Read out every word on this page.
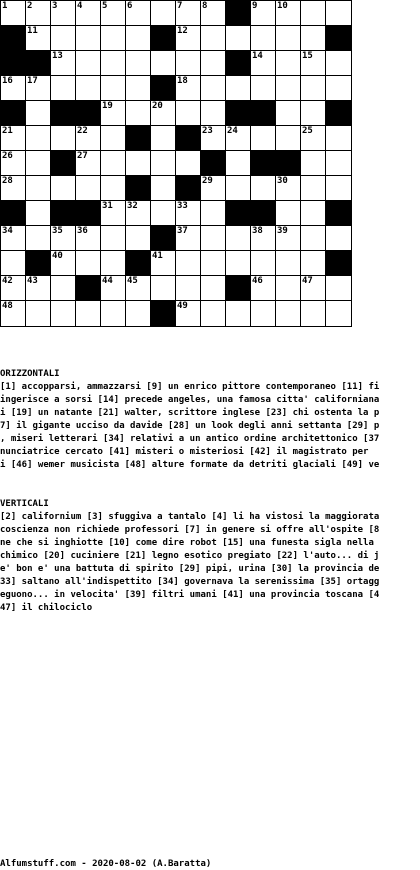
1 2 3 4 5 6	7 8	9 10
11	12
13	14	15
16 17	18
19	20
21	22	23 24	25
26	27
28	29	30
31 32	33
34	35 36	37	38 39
40	41
42 43	44 45	46	47
48	49
ORIZZONTALI
[1] accopparsi, ammazzarsi [9] un enrico pittore contemporaneo [11] fi
ingerisce a sorsi [14] precede angeles, una famosa citta' californiana
i [19] un natante [21] walter, scrittore inglese [23] chi ostenta la p
7] il gigante ucciso da davide [28] un look degli anni settanta [29] p
, miseri letterari [34] relativi a un antico ordine architettonico [37
nunciatrice cercato [41] misteri o misteriosi [42] il magistrato per
i [46] wemer musicista [48] alture formate da detriti glaciali [49] ve
VERTICALI
[2] californium [3] sfuggiva a tantalo [4] li ha vistosi la maggiorata
coscienza non richiede professori [7] in genere si offre all'ospite [8
ne che si inghiotte [10] come dire robot [15] una funesta sigla nella
chimico [20] cuciniere [21] legno esotico pregiato [22] l'auto... di j
e' bon e' una battuta di spirito [29] pipi, urina [30] la provincia de
33] saltano all'indispettito [34] governava la serenissima [35] ortagg
eguono... in velocita' [39] filtri umani [41] una provincia toscana [4
47] il chilociclo
Alfumstuff.com - 2020-08-02 (A.Baratta)
